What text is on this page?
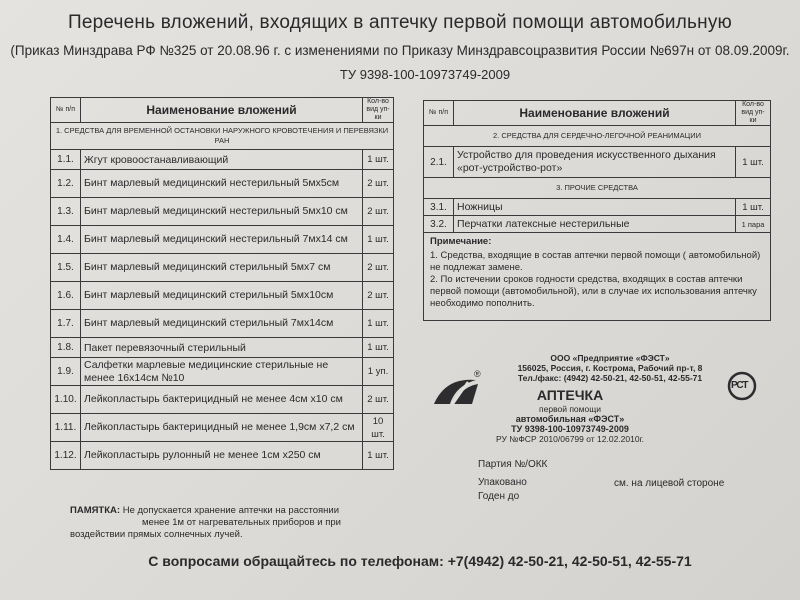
Перечень вложений, входящих в аптечку первой помощи автомобильную
(Приказ Минздрава РФ №325 от 20.08.96 г. с изменениями по Приказу Минздравсоцразвития России №697н от 08.09.2009г.
ТУ 9398-100-10973749-2009
№ п/п	Наименование вложений	Кол-во вид уп-ки
1. СРЕДСТВА ДЛЯ ВРЕМЕННОЙ ОСТАНОВКИ НАРУЖНОГО КРОВОТЕЧЕНИЯ И ПЕРЕВЯЗКИ РАН		
1.1.	Жгут кровоостанавливающий	1 шт.
1.2.	Бинт марлевый медицинский нестерильный 5мх5см	2 шт.
1.3.	Бинт марлевый медицинский нестерильный 5мх10 см	2 шт.
1.4.	Бинт марлевый медицинский нестерильный 7мх14 см	1 шт.
1.5.	Бинт марлевый медицинский стерильный 5мх7 см	2 шт.
1.6.	Бинт марлевый медицинский стерильный 5мх10см	2 шт.
1.7.	Бинт марлевый медицинский стерильный 7мх14см	1 шт.
1.8.	Пакет перевязочный стерильный	1 шт.
1.9.	Салфетки марлевые медицинские стерильные не менее 16х14см №10	1 уп.
1.10.	Лейкопластырь бактерицидный не менее 4см х10 см	2 шт.
1.11.	Лейкопластырь бактерицидный не менее 1,9см х7,2 см	10 шт.
1.12.	Лейкопластырь рулонный не менее 1см х250 см	1 шт.
№ п/п	Наименование вложений	Кол-во вид уп-ки
2. СРЕДСТВА ДЛЯ СЕРДЕЧНО-ЛЕГОЧНОЙ РЕАНИМАЦИИ		
2.1.	Устройство для проведения искусственного дыхания «рот-устройство-рот»	1 шт.
3. ПРОЧИЕ СРЕДСТВА		
3.1.	Ножницы	1 шт.
3.2.	Перчатки латексные нестерильные	1 пара

Примечание:
1. Средства, входящие в состав аптечки первой помощи ( автомобильной) не подлежат замене.
2. По истечении сроков годности средства, входящих в состав аптечки первой помощи (автомобильной), или в случае их использования аптечку необходимо пополнить.		
®
ООО «Предприятие «ФЭСТ»
156025, Россия, г. Кострома, Рабочий пр-т, 8
Тел./факс: (4942) 42-50-21, 42-50-51, 42-55-71
РСТ
АПТЕЧКА
первой помощи
автомобильная «ФЭСТ»
ТУ 9398-100-10973749-2009
РУ №ФСР 2010/06799 от 12.02.2010г.
Партия №/ОКК
Упаковано
Годен до
см. на лицевой стороне
ПАМЯТКА: Не допускается хранение аптечки на расстоянии
менее 1м от нагревательных приборов и при
воздействии прямых солнечных лучей.
С вопросами обращайтесь по телефонам: +7(4942) 42-50-21, 42-50-51, 42-55-71
